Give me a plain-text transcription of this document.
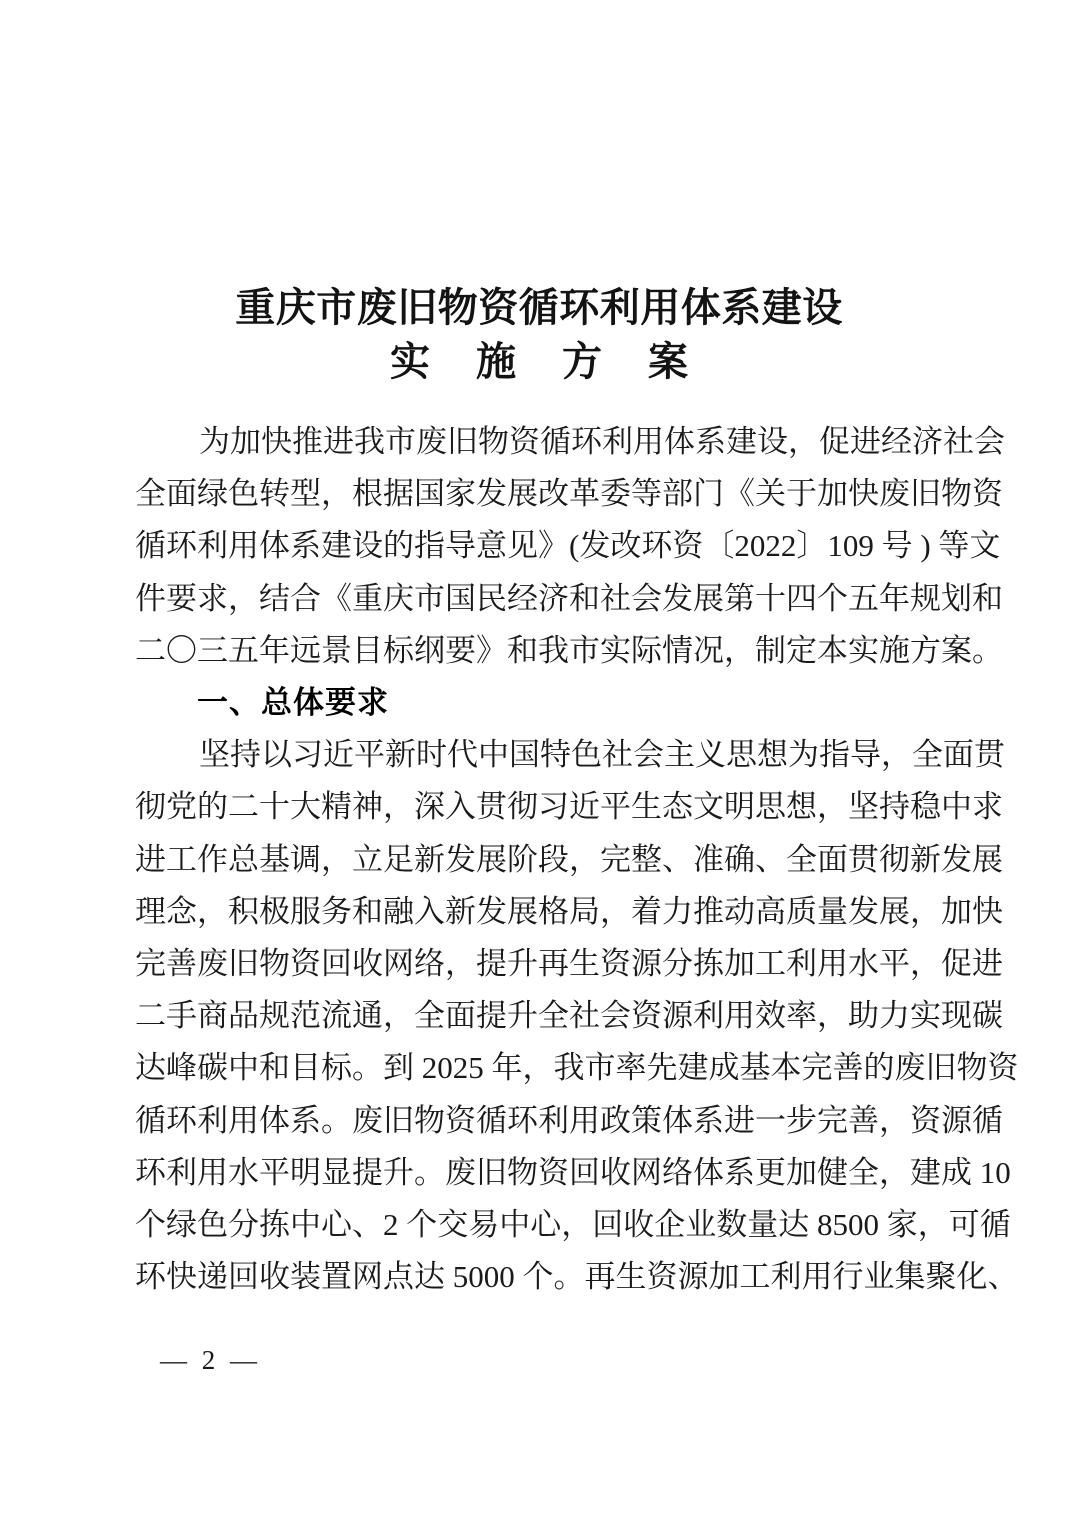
重庆市废旧物资循环利用体系建设
实 施 方 案
为加快推进我市废旧物资循环利用体系建设，促进经济社会
全面绿色转型，根据国家发展改革委等部门《关于加快废旧物资
循环利用体系建设的指导意见》(发改环资〔2022〕109 号 ) 等文
件要求，结合《重庆市国民经济和社会发展第十四个五年规划和
二〇三五年远景目标纲要》和我市实际情况，制定本实施方案。
一、总体要求
坚持以习近平新时代中国特色社会主义思想为指导，全面贯
彻党的二十大精神，深入贯彻习近平生态文明思想，坚持稳中求
进工作总基调，立足新发展阶段，完整、准确、全面贯彻新发展
理念，积极服务和融入新发展格局，着力推动高质量发展，加快
完善废旧物资回收网络，提升再生资源分拣加工利用水平，促进
二手商品规范流通，全面提升全社会资源利用效率，助力实现碳
达峰碳中和目标。到 2025 年，我市率先建成基本完善的废旧物资
循环利用体系。废旧物资循环利用政策体系进一步完善，资源循
环利用水平明显提升。废旧物资回收网络体系更加健全，建成 10
个绿色分拣中心、2 个交易中心，回收企业数量达 8500 家，可循
环快递回收装置网点达 5000 个。再生资源加工利用行业集聚化、
— 2 —
